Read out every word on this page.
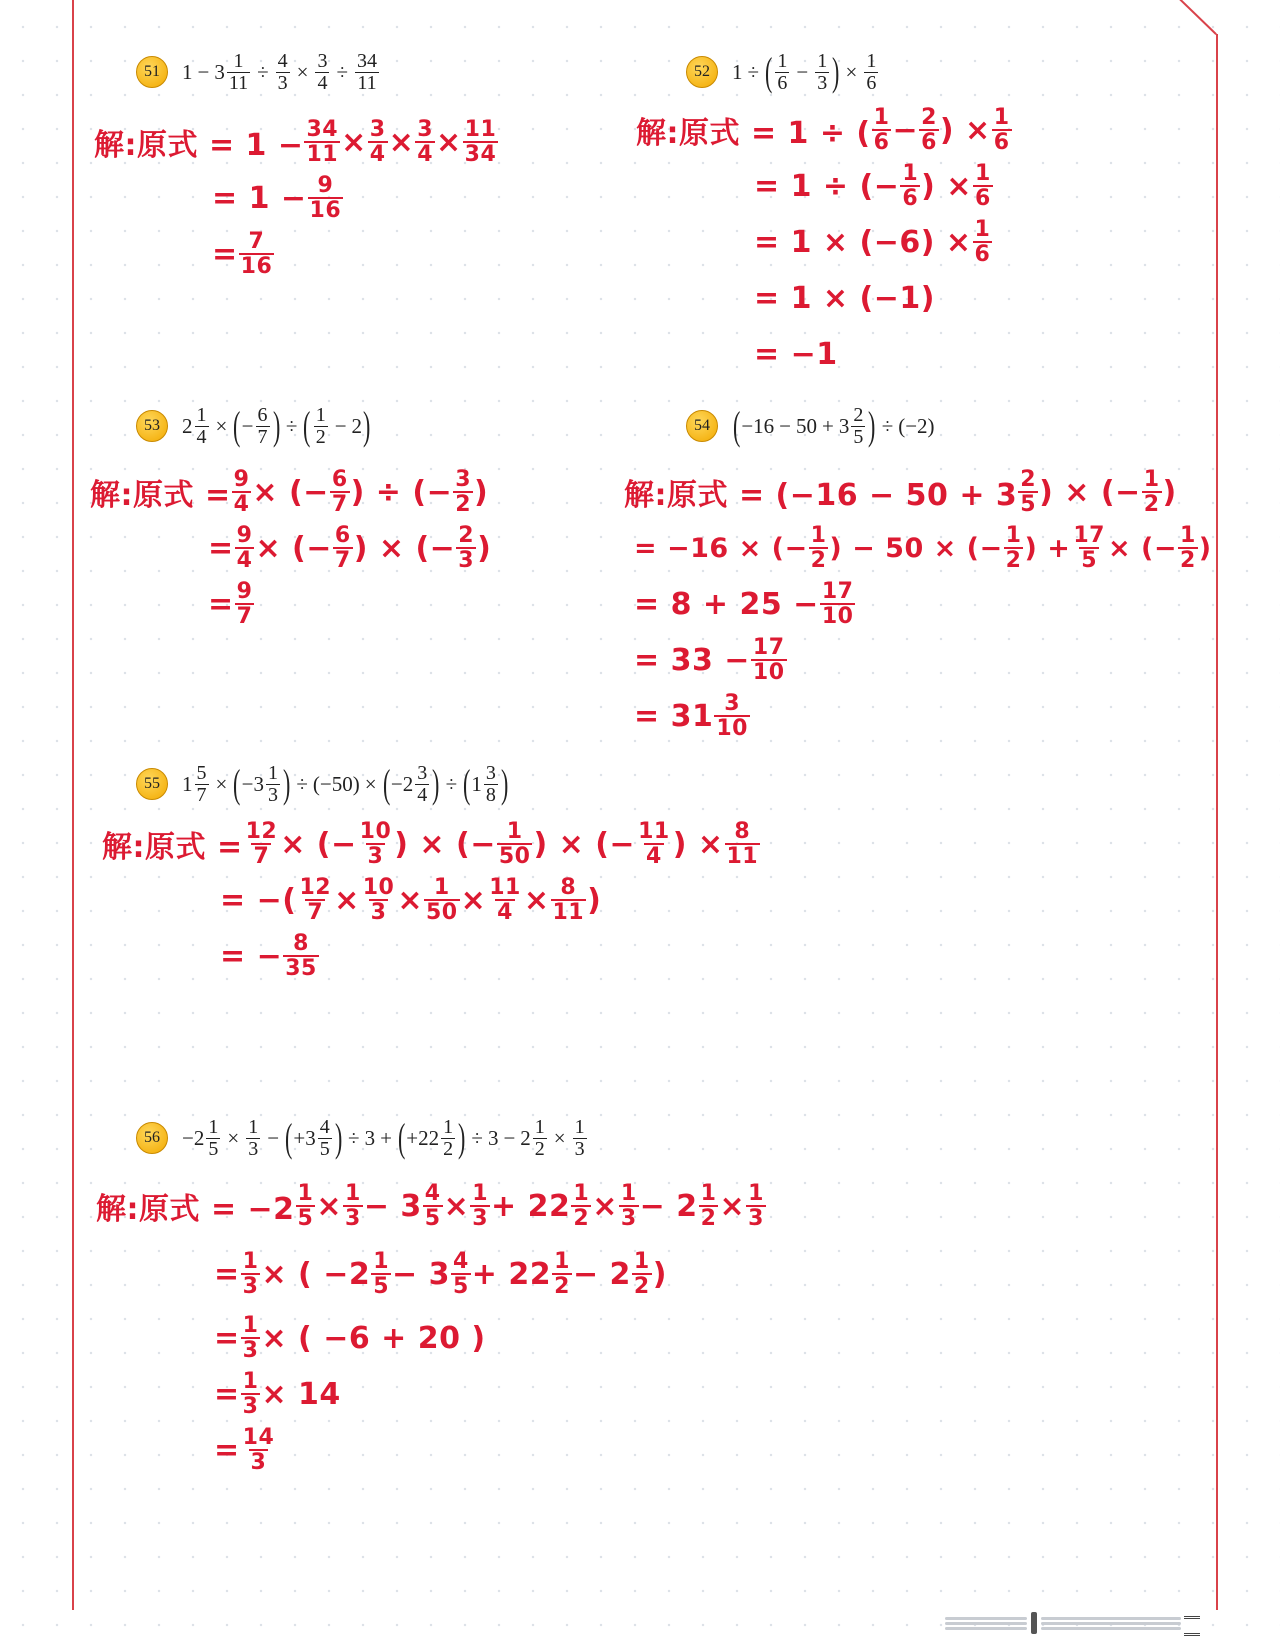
51	$1 - 3 \frac{1}{11} \div \frac{4}{3} \times \frac{3}{4} \div \frac{34}{11}$
解:原式 = $1 - \frac{34}{11} \times \frac{3}{4} \times \frac{3}{4} \times \frac{11}{34}$
= $1 - \frac{9}{16}$
= $\frac{7}{16}$
52	1 ÷ ( $\frac{1}{6} - \frac{1}{3}$ ) × $\frac{1}{6}$
解:原式 = 1 ÷ ( $\frac{1}{6} - \frac{2}{6}$ ) × $\frac{1}{6}$
= 1 ÷ (− $\frac{1}{6}$ ) × $\frac{1}{6}$
= $1 \times (-6) \times \frac{1}{6}$
= 1 × (−1)
= −1
53	$2 \frac{1}{4}$ × ( − $\frac{6}{7}$ ) ÷ ( $\frac{1}{2} - 2$ )
解:原式 = $\frac{9}{4}$ × (− $\frac{6}{7}$ ) ÷ (− $\frac{3}{2}$ )
= $\frac{9}{4}$ × (− $\frac{6}{7}$ ) × (− $\frac{2}{3}$ )
= $\frac{9}{7}$
54 ( $-16 - 50 + 3 \frac{2}{5}$ ) ÷ (−2)
解:原式 = ($-16 - 50 + 3 \frac{2}{5}$ ) × (− $\frac{1}{2}$ )
= −16 × (− $\frac{1}{2}$ ) − 50 × (− $\frac{1}{2}$ ) + $\frac{17}{5}$ × (− $\frac{1}{2}$ )
= $8 + 25 - \frac{17}{10}$
= $33 - \frac{17}{10}$
= $31 \frac{3}{10}$
55	$1 \frac{5}{7}$ × ( $-3 \frac{1}{3}$ ) ÷ (−50) × ( $-2 \frac{3}{4}$ ) ÷ ( $1 \frac{3}{8}$ )
解:原式 = $\frac{12}{7}$ × (− $\frac{10}{3}$ ) × (− $\frac{1}{50}$ ) × (− $\frac{11}{4}$ ) × $\frac{8}{11}$
= −( $\frac{12}{7} \times \frac{10}{3} \times \frac{1}{50} \times \frac{11}{4} \times \frac{8}{11}$ )
= − $\frac{8}{35}$
56	$-2 \frac{1}{5} \times \frac{1}{3}$ − ( $+3 \frac{4}{5}$ ) ÷ 3 + ( $+22 \frac{1}{2}$ ) ÷ $3 - 2 \frac{1}{2} \times \frac{1}{3}$
解:原式 = $-2 \frac{1}{5} \times \frac{1}{3} - 3 \frac{4}{5} \times \frac{1}{3} + 22 \frac{1}{2} \times \frac{1}{3} - 2 \frac{1}{2} \times \frac{1}{3}$
= $\frac{1}{3}$ × ( $-2 \frac{1}{5} - 3 \frac{4}{5} + 22 \frac{1}{2} - 2 \frac{1}{2}$ )
= $\frac{1}{3}$ × ( −6 + 20 )
= $\frac{1}{3} \times 14$
= $\frac{14}{3}$
